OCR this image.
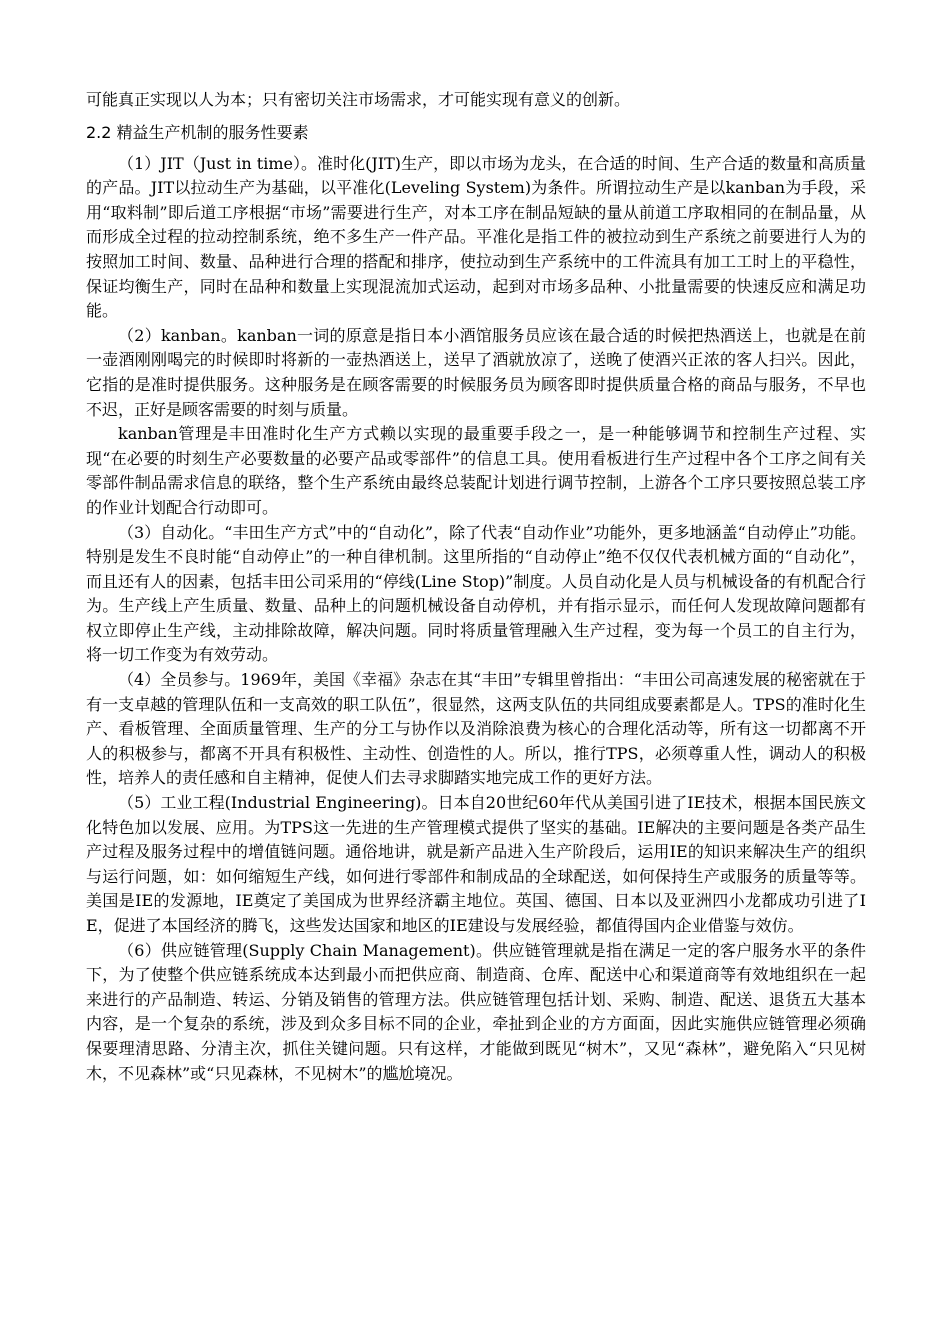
可能真正实现以人为本；只有密切关注市场需求，才可能实现有意义的创新。

2.2 精益生产机制的服务性要素

（1）JIT（Just in time）。准时化(JIT)生产，即以市场为龙头，在合适的时间、生产合适的数量和高质量的产品。JIT以拉动生产为基础，以平准化(Leveling System)为条件。所谓拉动生产是以kanban为手段，采用“取料制”即后道工序根据“市场”需要进行生产，对本工序在制品短缺的量从前道工序取相同的在制品量，从而形成全过程的拉动控制系统，绝不多生产一件产品。平准化是指工件的被拉动到生产系统之前要进行人为的按照加工时间、数量、品种进行合理的搭配和排序，使拉动到生产系统中的工件流具有加工工时上的平稳性，保证均衡生产，同时在品种和数量上实现混流加式运动，起到对市场多品种、小批量需要的快速反应和满足功能。

（2）kanban。kanban一词的原意是指日本小酒馆服务员应该在最合适的时候把热酒送上，也就是在前一壶酒刚刚喝完的时候即时将新的一壶热酒送上，送早了酒就放凉了，送晚了使酒兴正浓的客人扫兴。因此，它指的是准时提供服务。这种服务是在顾客需要的时候服务员为顾客即时提供质量合格的商品与服务，不早也不迟，正好是顾客需要的时刻与质量。

kanban管理是丰田准时化生产方式赖以实现的最重要手段之一，是一种能够调节和控制生产过程、实现“在必要的时刻生产必要数量的必要产品或零部件”的信息工具。使用看板进行生产过程中各个工序之间有关零部件制品需求信息的联络，整个生产系统由最终总装配计划进行调节控制，上游各个工序只要按照总装工序的作业计划配合行动即可。

（3）自动化。“丰田生产方式”中的“自动化”，除了代表“自动作业”功能外，更多地涵盖“自动停止”功能。特别是发生不良时能“自动停止”的一种自律机制。这里所指的“自动停止”绝不仅仅代表机械方面的“自动化”，而且还有人的因素，包括丰田公司采用的“停线(Line Stop)”制度。人员自动化是人员与机械设备的有机配合行为。生产线上产生质量、数量、品种上的问题机械设备自动停机，并有指示显示，而任何人发现故障问题都有权立即停止生产线，主动排除故障，解决问题。同时将质量管理融入生产过程，变为每一个员工的自主行为，将一切工作变为有效劳动。

（4）全员参与。1969年，美国《幸福》杂志在其“丰田”专辑里曾指出：“丰田公司高速发展的秘密就在于有一支卓越的管理队伍和一支高效的职工队伍”，很显然，这两支队伍的共同组成要素都是人。TPS的准时化生产、看板管理、全面质量管理、生产的分工与协作以及消除浪费为核心的合理化活动等，所有这一切都离不开人的积极参与，都离不开具有积极性、主动性、创造性的人。所以，推行TPS，必须尊重人性，调动人的积极性，培养人的责任感和自主精神，促使人们去寻求脚踏实地完成工作的更好方法。

（5）工业工程(Industrial Engineering)。日本自20世纪60年代从美国引进了IE技术，根据本国民族文化特色加以发展、应用。为TPS这一先进的生产管理模式提供了坚实的基础。IE解决的主要问题是各类产品生产过程及服务过程中的增值链问题。通俗地讲，就是新产品进入生产阶段后，运用IE的知识来解决生产的组织与运行问题，如：如何缩短生产线，如何进行零部件和制成品的全球配送，如何保持生产或服务的质量等等。美国是IE的发源地，IE奠定了美国成为世界经济霸主地位。英国、德国、日本以及亚洲四小龙都成功引进了IE，促进了本国经济的腾飞，这些发达国家和地区的IE建设与发展经验，都值得国内企业借鉴与效仿。

（6）供应链管理(Supply Chain Management)。供应链管理就是指在满足一定的客户服务水平的条件下，为了使整个供应链系统成本达到最小而把供应商、制造商、仓库、配送中心和渠道商等有效地组织在一起来进行的产品制造、转运、分销及销售的管理方法。供应链管理包括计划、采购、制造、配送、退货五大基本内容，是一个复杂的系统，涉及到众多目标不同的企业，牵扯到企业的方方面面，因此实施供应链管理必须确保要理清思路、分清主次，抓住关键问题。只有这样，才能做到既见“树木”，又见“森林”，避免陷入“只见树木，不见森林”或“只见森林，不见树木”的尴尬境况。
